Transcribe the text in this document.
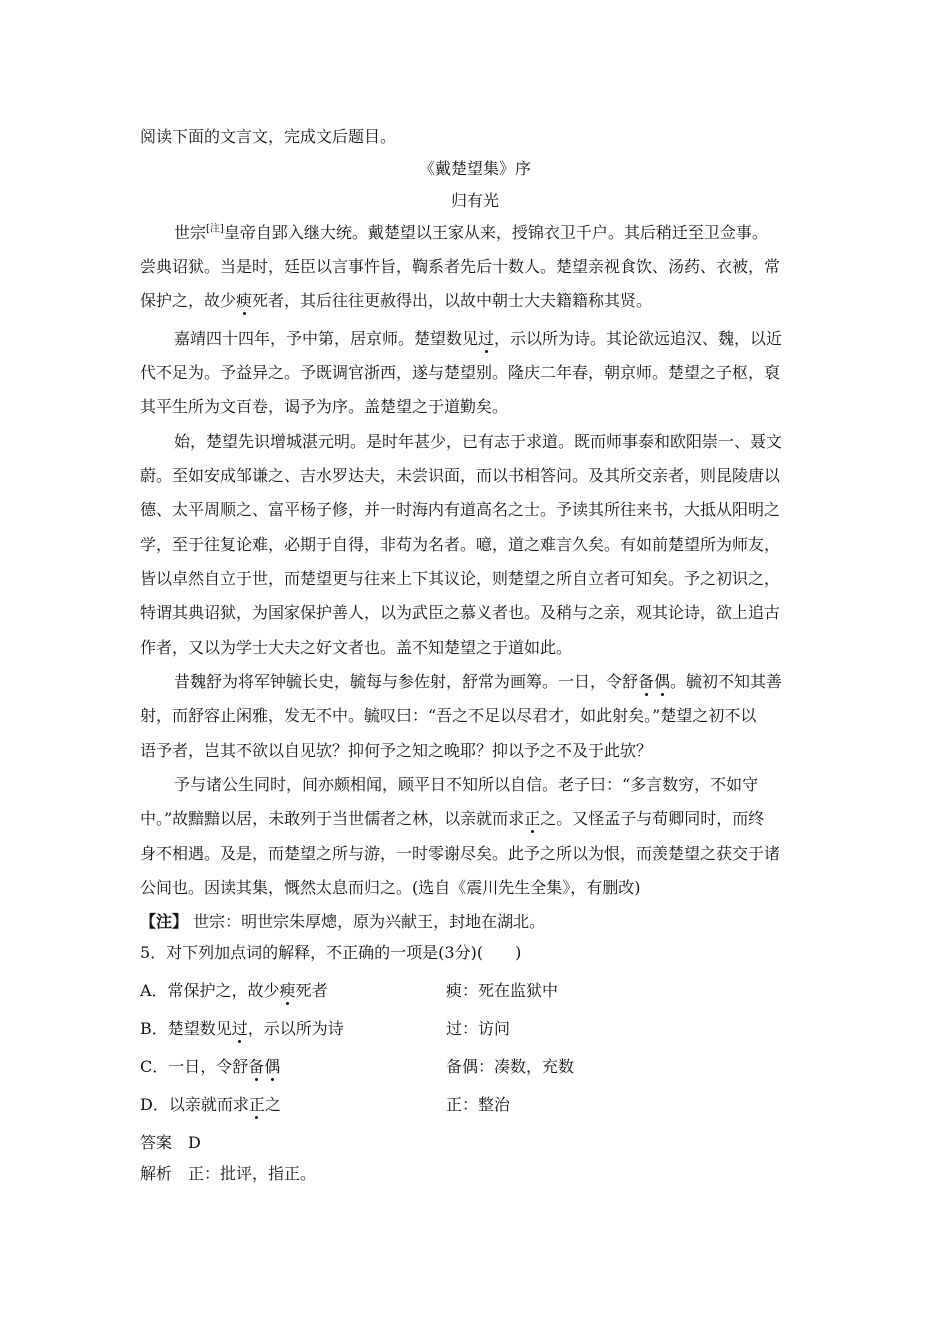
阅读下面的文言文，完成文后题目。
《戴楚望集》序
归有光
世宗[注]皇帝自郢入继大统。戴楚望以王家从来，授锦衣卫千户。其后稍迁至卫佥事。
尝典诏狱。当是时，廷臣以言事忤旨，鞫系者先后十数人。楚望亲视食饮、汤药、衣被，常
保护之，故少瘐死者，其后往往更赦得出，以故中朝士大夫籍籍称其贤。
嘉靖四十四年，予中第，居京师。楚望数见过，示以所为诗。其论欲远追汉、魏，以近
代不足为。予益异之。予既调官浙西，遂与楚望别。隆庆二年春，朝京师。楚望之子枢，裒
其平生所为文百卷，谒予为序。盖楚望之于道勤矣。
始，楚望先识增城湛元明。是时年甚少，已有志于求道。既而师事泰和欧阳崇一、聂文
蔚。至如安成邹谦之、吉水罗达夫，未尝识面，而以书相答问。及其所交亲者，则昆陵唐以
德、太平周顺之、富平杨子修，并一时海内有道高名之士。予读其所往来书，大抵从阳明之
学，至于往复论难，必期于自得，非苟为名者。噫，道之难言久矣。有如前楚望所为师友，
皆以卓然自立于世，而楚望更与往来上下其议论，则楚望之所自立者可知矣。予之初识之，
特谓其典诏狱，为国家保护善人，以为武臣之慕义者也。及稍与之亲，观其论诗，欲上追古
作者，又以为学士大夫之好文者也。盖不知楚望之于道如此。
昔魏舒为将军钟毓长史，毓每与参佐射，舒常为画筹。一日，令舒备偶。毓初不知其善
射，而舒容止闲雅，发无不中。毓叹曰：“吾之不足以尽君才，如此射矣。”楚望之初不以
语予者，岂其不欲以自见欤？抑何予之知之晚耶？抑以予之不及于此欤？
予与诸公生同时，间亦颇相闻，顾平日不知所以自信。老子曰：“多言数穷，不如守
中。”故黯黯以居，未敢列于当世儒者之林，以亲就而求正之。又怪孟子与荀卿同时，而终
身不相遇。及是，而楚望之所与游，一时零谢尽矣。此予之所以为恨，而羡楚望之获交于诸
公间也。因读其集，慨然太息而归之。(选自《震川先生全集》，有删改)
【注】 世宗：明世宗朱厚熜，原为兴献王，封地在湖北。
5．对下列加点词的解释，不正确的一项是(3分)(　　)
A．常保护之，故少瘐死者	瘐：死在监狱中
B．楚望数见过，示以所为诗	过：访问
C．一日，令舒备偶	备偶：凑数，充数
D．以亲就而求正之	正：整治
答案　 D
解析　 正：批评，指正。
